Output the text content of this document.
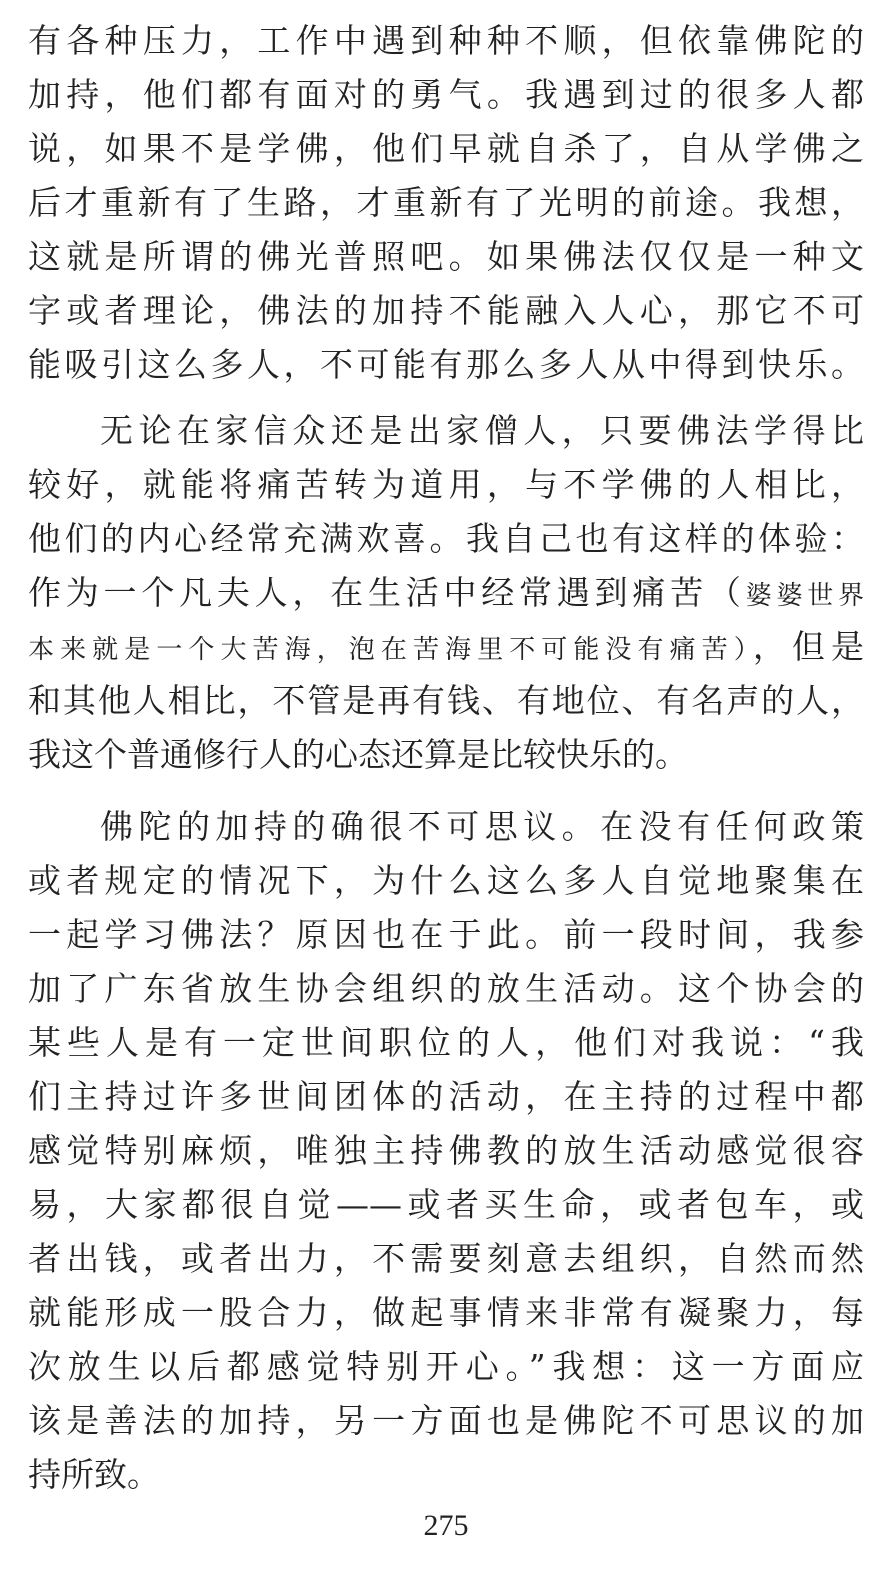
有各种压力，工作中遇到种种不顺，但依靠佛陀的
加持，他们都有面对的勇气。我遇到过的很多人都
说，如果不是学佛，他们早就自杀了，自从学佛之
后才重新有了生路，才重新有了光明的前途。我想，
这就是所谓的佛光普照吧。如果佛法仅仅是一种文
字或者理论，佛法的加持不能融入人心，那它不可
能吸引这么多人，不可能有那么多人从中得到快乐。
无论在家信众还是出家僧人，只要佛法学得比
较好，就能将痛苦转为道用，与不学佛的人相比，
他们的内心经常充满欢喜。我自己也有这样的体验：
作为一个凡夫人，在生活中经常遇到痛苦（婆婆世界
本来就是一个大苦海，泡在苦海里不可能没有痛苦），但是
和其他人相比，不管是再有钱、有地位、有名声的人，
我这个普通修行人的心态还算是比较快乐的。
佛陀的加持的确很不可思议。在没有任何政策
或者规定的情况下，为什么这么多人自觉地聚集在
一起学习佛法？原因也在于此。前一段时间，我参
加了广东省放生协会组织的放生活动。这个协会的
某些人是有一定世间职位的人，他们对我说：“我
们主持过许多世间团体的活动，在主持的过程中都
感觉特别麻烦，唯独主持佛教的放生活动感觉很容
易，大家都很自觉——或者买生命，或者包车，或
者出钱，或者出力，不需要刻意去组织，自然而然
就能形成一股合力，做起事情来非常有凝聚力，每
次放生以后都感觉特别开心。”我想：这一方面应
该是善法的加持，另一方面也是佛陀不可思议的加
持所致。
275
